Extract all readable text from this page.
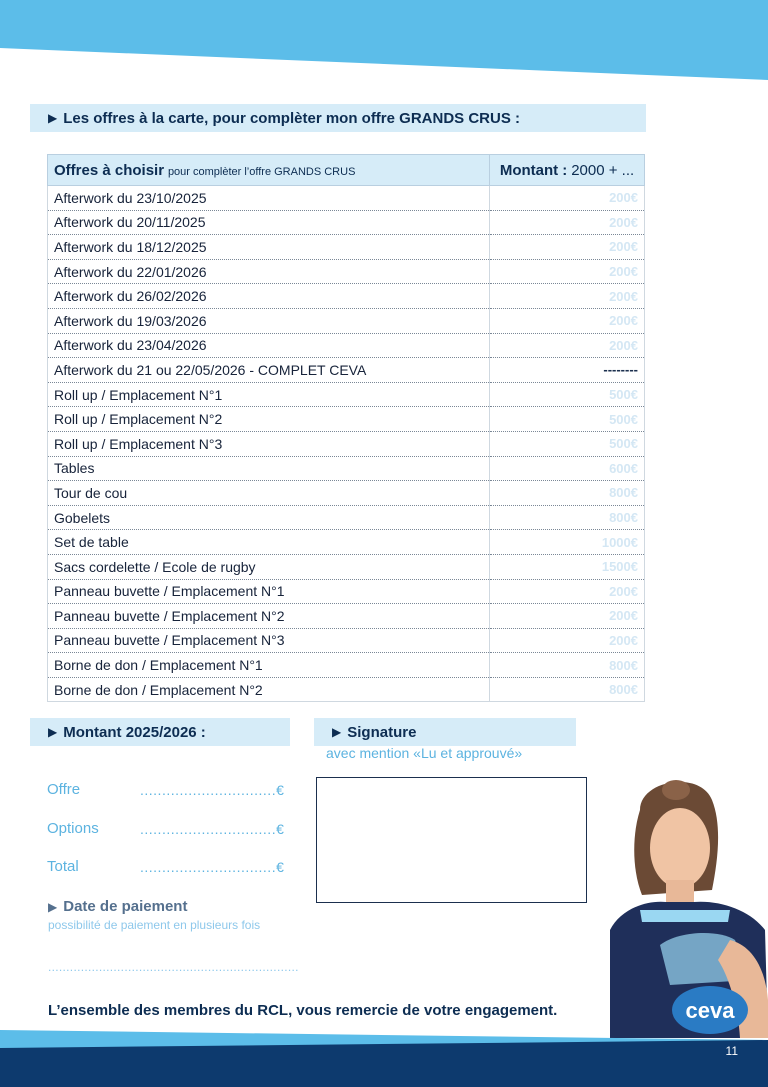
▶ Les offres à la carte, pour complèter mon offre GRANDS CRUS :
Offres à choisir pour complèter l’offre GRANDS CRUS	Montant : 2000 + ...
Afterwork du 23/10/2025	200€
Afterwork du 20/11/2025	200€
Afterwork du 18/12/2025	200€
Afterwork du 22/01/2026	200€
Afterwork du 26/02/2026	200€
Afterwork du 19/03/2026	200€
Afterwork du 23/04/2026	200€
Afterwork du 21 ou 22/05/2026 - COMPLET CEVA	--------
Roll up / Emplacement N°1	500€
Roll up / Emplacement N°2	500€
Roll up / Emplacement N°3	500€
Tables	600€
Tour de cou	800€
Gobelets	800€
Set de table	1000€
Sacs cordelette / Ecole de rugby	1500€
Panneau buvette / Emplacement N°1	200€
Panneau buvette / Emplacement N°2	200€
Panneau buvette / Emplacement N°3	200€
Borne de don / Emplacement N°1	800€
Borne de don / Emplacement N°2	800€
▶ Montant 2025/2026 :
Offre	...............................€
Options	...............................€
Total	...............................€
▶ Signature
avec mention «Lu et approuvé»
▶ Date de paiement
possibilité de paiement en plusieurs fois
.....................................................................
L’ensemble des membres du RCL, vous remercie de votre engagement.	ceva
11
